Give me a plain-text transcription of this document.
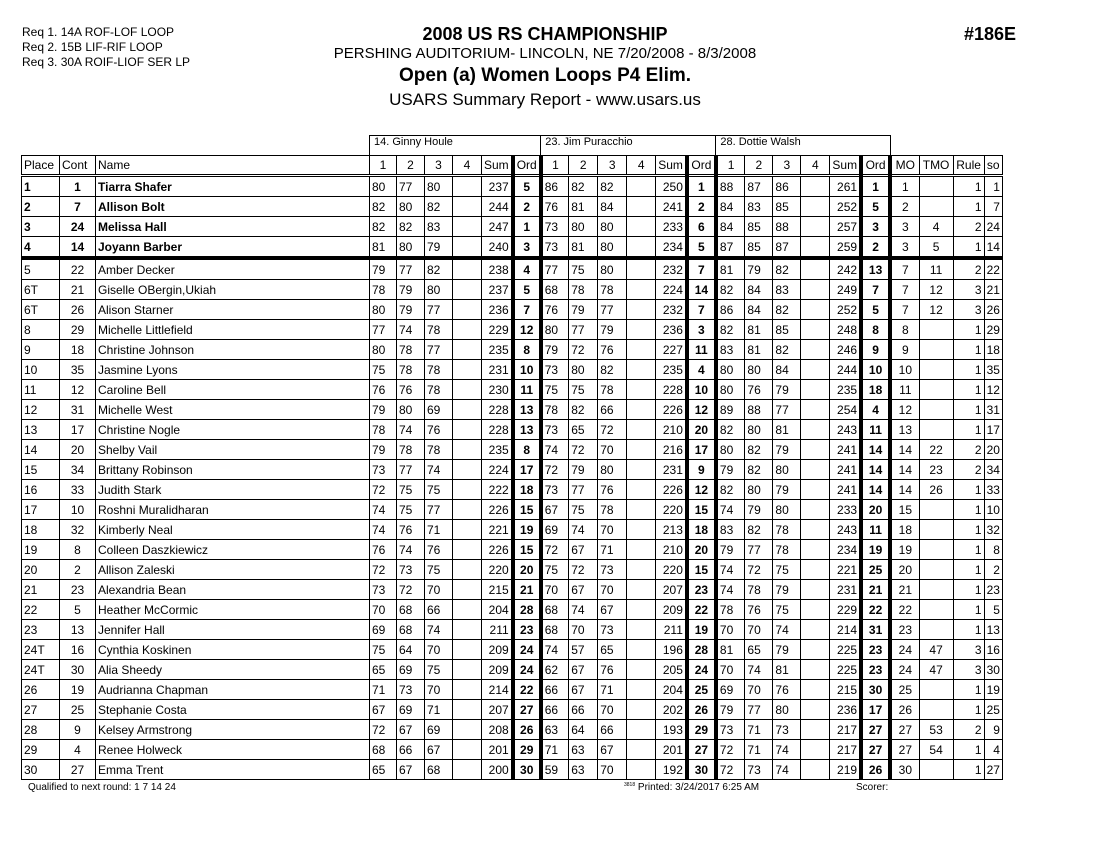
Req 1. 14A ROF-LOF LOOP
Req 2. 15B LIF-RIF LOOP
Req 3. 30A ROIF-LIOF SER LP
2008 US RS CHAMPIONSHIP
PERSHING AUDITORIUM- LINCOLN, NE 7/20/2008 - 8/3/2008
Open (a) Women Loops P4 Elim.
USARS Summary Report - www.usars.us
#186E
			14. Ginny Houle						23. Jim Puracchio						28. Dottie Walsh									
Place	Cont	Name	1	2	3	4	Sum	Ord	1	2	3	4	Sum	Ord	1	2	3	4	Sum	Ord	MO	TMO	Rule	so
1	1	Tiarra Shafer	80	77	80		237	5	86	82	82		250	1	88	87	86		261	1	1		1	1
2	7	Allison Bolt	82	80	82		244	2	76	81	84		241	2	84	83	85		252	5	2		1	7
3	24	Melissa Hall	82	82	83		247	1	73	80	80		233	6	84	85	88		257	3	3	4	2	24
4	14	Joyann Barber	81	80	79		240	3	73	81	80		234	5	87	85	87		259	2	3	5	1	14
5	22	Amber Decker	79	77	82		238	4	77	75	80		232	7	81	79	82		242	13	7	11	2	22
6T	21	Giselle OBergin,Ukiah	78	79	80		237	5	68	78	78		224	14	82	84	83		249	7	7	12	3	21
6T	26	Alison Starner	80	79	77		236	7	76	79	77		232	7	86	84	82		252	5	7	12	3	26
8	29	Michelle Littlefield	77	74	78		229	12	80	77	79		236	3	82	81	85		248	8	8		1	29
9	18	Christine Johnson	80	78	77		235	8	79	72	76		227	11	83	81	82		246	9	9		1	18
10	35	Jasmine Lyons	75	78	78		231	10	73	80	82		235	4	80	80	84		244	10	10		1	35
11	12	Caroline Bell	76	76	78		230	11	75	75	78		228	10	80	76	79		235	18	11		1	12
12	31	Michelle West	79	80	69		228	13	78	82	66		226	12	89	88	77		254	4	12		1	31
13	17	Christine Nogle	78	74	76		228	13	73	65	72		210	20	82	80	81		243	11	13		1	17
14	20	Shelby Vail	79	78	78		235	8	74	72	70		216	17	80	82	79		241	14	14	22	2	20
15	34	Brittany Robinson	73	77	74		224	17	72	79	80		231	9	79	82	80		241	14	14	23	2	34
16	33	Judith Stark	72	75	75		222	18	73	77	76		226	12	82	80	79		241	14	14	26	1	33
17	10	Roshni Muralidharan	74	75	77		226	15	67	75	78		220	15	74	79	80		233	20	15		1	10
18	32	Kimberly Neal	74	76	71		221	19	69	74	70		213	18	83	82	78		243	11	18		1	32
19	8	Colleen Daszkiewicz	76	74	76		226	15	72	67	71		210	20	79	77	78		234	19	19		1	8
20	2	Allison Zaleski	72	73	75		220	20	75	72	73		220	15	74	72	75		221	25	20		1	2
21	23	Alexandria Bean	73	72	70		215	21	70	67	70		207	23	74	78	79		231	21	21		1	23
22	5	Heather McCormic	70	68	66		204	28	68	74	67		209	22	78	76	75		229	22	22		1	5
23	13	Jennifer Hall	69	68	74		211	23	68	70	73		211	19	70	70	74		214	31	23		1	13
24T	16	Cynthia Koskinen	75	64	70		209	24	74	57	65		196	28	81	65	79		225	23	24	47	3	16
24T	30	Alia Sheedy	65	69	75		209	24	62	67	76		205	24	70	74	81		225	23	24	47	3	30
26	19	Audrianna Chapman	71	73	70		214	22	66	67	71		204	25	69	70	76		215	30	25		1	19
27	25	Stephanie Costa	67	69	71		207	27	66	66	70		202	26	79	77	80		236	17	26		1	25
28	9	Kelsey Armstrong	72	67	69		208	26	63	64	66		193	29	73	71	73		217	27	27	53	2	9
29	4	Renee Holweck	68	66	67		201	29	71	63	67		201	27	72	71	74		217	27	27	54	1	4
30	27	Emma Trent	65	67	68		200	30	59	63	70		192	30	72	73	74		219	26	30		1	27
Qualified to next round: 1 7 14 24	$^{3818}$ Printed: 3/24/2017 6:25 AM	Scorer:
